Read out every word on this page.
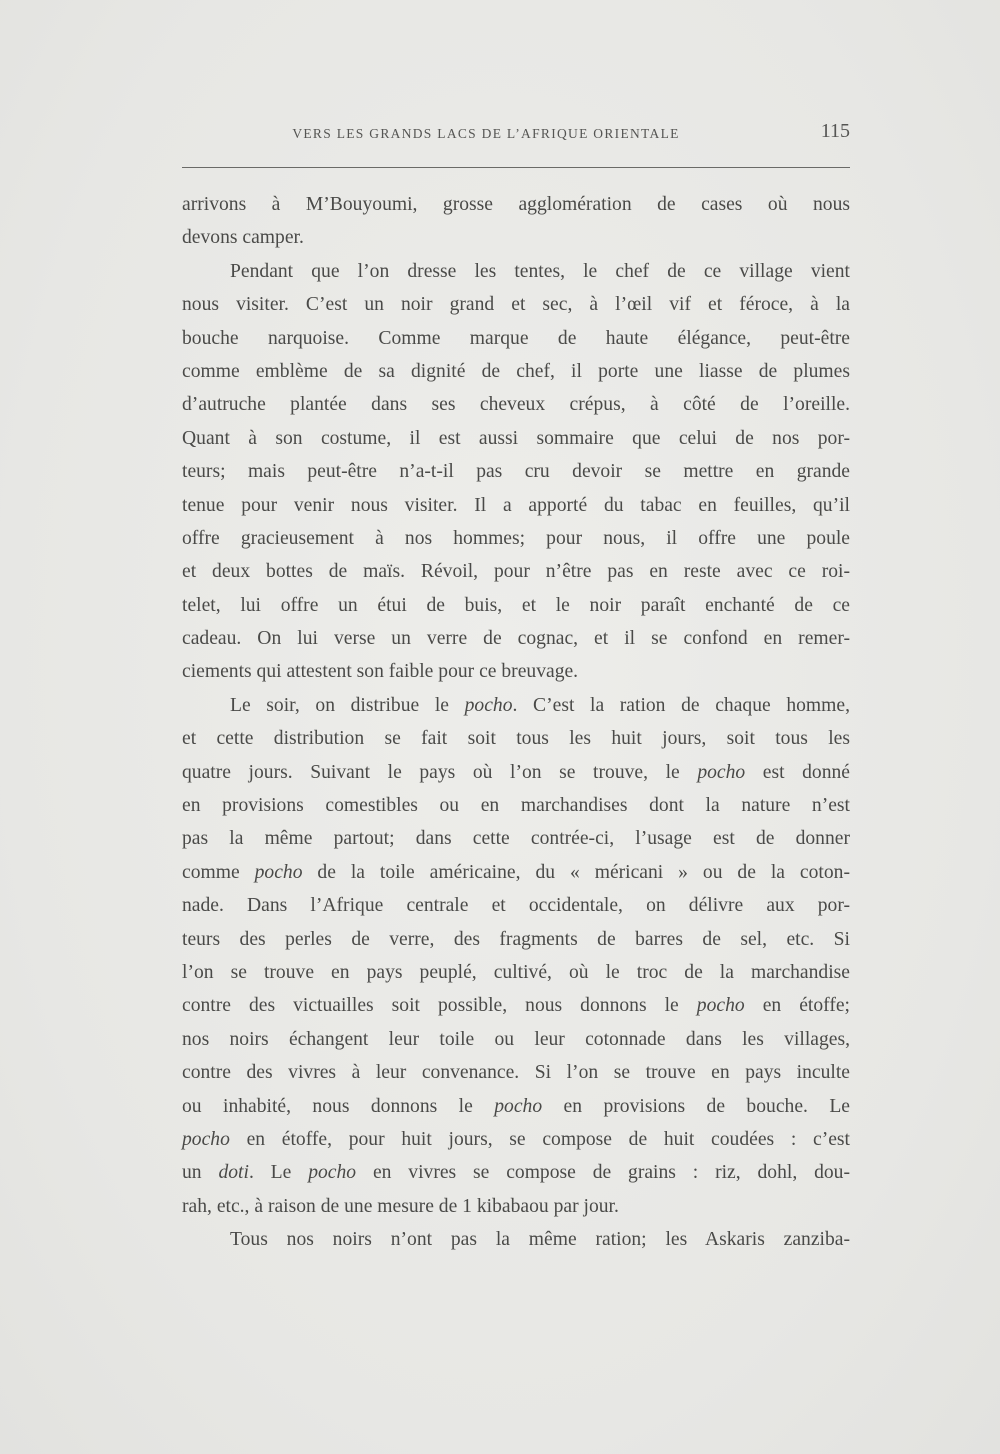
VERS LES GRANDS LACS DE L’AFRIQUE ORIENTALE	115
arrivons à M’Bouyoumi, grosse agglomération de cases où nous
devons camper.
Pendant que l’on dresse les tentes, le chef de ce village vient
nous visiter. C’est un noir grand et sec, à l’œil vif et féroce, à la
bouche narquoise. Comme marque de haute élégance, peut-être
comme emblème de sa dignité de chef, il porte une liasse de plumes
d’autruche plantée dans ses cheveux crépus, à côté de l’oreille.
Quant à son costume, il est aussi sommaire que celui de nos por-
teurs; mais peut-être n’a-t-il pas cru devoir se mettre en grande
tenue pour venir nous visiter. Il a apporté du tabac en feuilles, qu’il
offre gracieusement à nos hommes; pour nous, il offre une poule
et deux bottes de maïs. Révoil, pour n’être pas en reste avec ce roi-
telet, lui offre un étui de buis, et le noir paraît enchanté de ce
cadeau. On lui verse un verre de cognac, et il se confond en remer-
ciements qui attestent son faible pour ce breuvage.
Le soir, on distribue le pocho. C’est la ration de chaque homme,
et cette distribution se fait soit tous les huit jours, soit tous les
quatre jours. Suivant le pays où l’on se trouve, le pocho est donné
en provisions comestibles ou en marchandises dont la nature n’est
pas la même partout; dans cette contrée-ci, l’usage est de donner
comme pocho de la toile américaine, du « méricani » ou de la coton-
nade. Dans l’Afrique centrale et occidentale, on délivre aux por-
teurs des perles de verre, des fragments de barres de sel, etc. Si
l’on se trouve en pays peuplé, cultivé, où le troc de la marchandise
contre des victuailles soit possible, nous donnons le pocho en étoffe;
nos noirs échangent leur toile ou leur cotonnade dans les villages,
contre des vivres à leur convenance. Si l’on se trouve en pays inculte
ou inhabité, nous donnons le pocho en provisions de bouche. Le
pocho en étoffe, pour huit jours, se compose de huit coudées : c’est
un doti. Le pocho en vivres se compose de grains : riz, dohl, dou-
rah, etc., à raison de une mesure de 1 kibabaou par jour.
Tous nos noirs n’ont pas la même ration; les Askaris zanziba-
